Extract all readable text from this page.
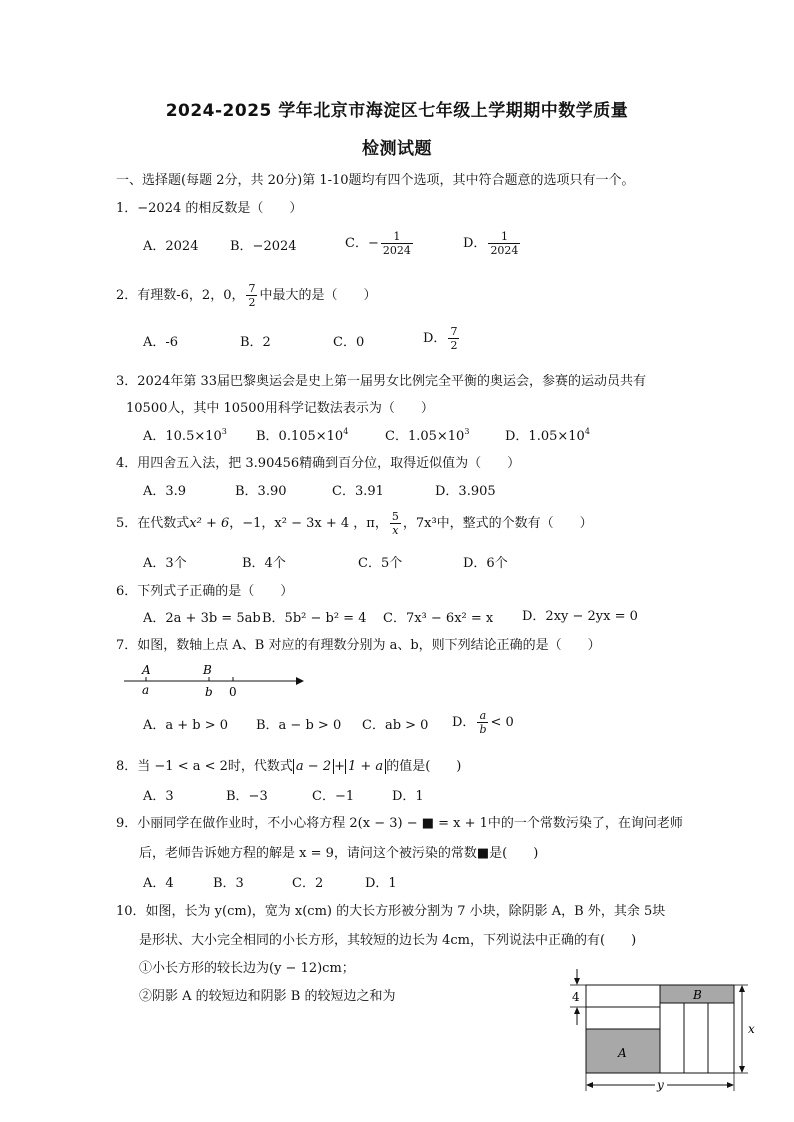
2024-2025 学年北京市海淀区七年级上学期期中数学质量
检测试题
一、选择题(每题 2分，共 20分)第 1-10题均有四个选项，其中符合题意的选项只有一个。
1．−2024 的相反数是（　　）
A．2024 B．−2024	C．− $\frac{1}{2024}$	D． $\frac{1}{2024}$
2．有理数-6，2，0， $\frac{7}{2}$ 中最大的是（　　）
A．-6	B．2	C．0	D． $\frac{7}{2}$
3．2024年第 33届巴黎奥运会是史上第一届男女比例完全平衡的奥运会，参赛的运动员共有
10500人，其中 10500用科学记数法表示为（　　）
A．$10.5\times 10^3$ B．$0.105\times 10^4$	C．$1.05\times 10^3$	D．$1.05\times 10^4$
4．用四舍五入法，把 3.90456精确到百分位，取得近似值为（　　）
A．3.9	B．3.90	C．3.91	D．3.905
5．在代数式x² + 6，−1，x² − 3x + 4 ，π， $\frac{5}{x}$ ，7x³中，整式的个数有（　　）
A．3个	B．4个	C．5个	D．6个
6．下列式子正确的是（　　）
A．2a + 3b = 5ab B．5b² − b² = 4 C．7x³ − 6x² = x D．2xy − 2yx = 0
7．如图，数轴上点 A、B 对应的有理数分别为 a、b，则下列结论正确的是（　　）
A	B
a	b 0
A．a + b > 0 B．a − b > 0 C．ab > 0 D． $\frac{a}{b} < 0$
8．当 −1 < a < 2时，代数式 a − 2 + 1 + a 的值是(　　)
A．3	B．−3	C．−1	D．1
9．小丽同学在做作业时，不小心将方程 2(x − 3) − ■ = x + 1中的一个常数污染了，在询问老师
后，老师告诉她方程的解是 x = 9，请问这个被污染的常数■是(　　)
A．4	B．3	C．2	D．1
10．如图，长为 y(cm)，宽为 x(cm) 的大长方形被分割为 7 小块，除阴影 A，B 外，其余 5块
是形状、大小完全相同的小长方形，其较短的边长为 4cm，下列说法中正确的有(　　)
①小长方形的较长边为(y − 12)cm；
②阴影 A 的较短边和阴影 B 的较短边之和为	4	B
A
x
y
